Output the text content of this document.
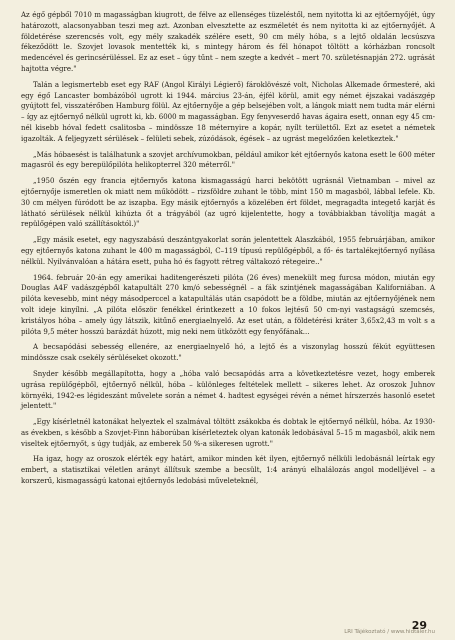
Az égő gépből 7010 m magasságban kiugrott, de félve az ellenséges tüzeléstől, nem nyitotta ki az ejtőernyőjét, úgy határozott, alacsonyabban teszi meg azt. Azonban elvesztette az eszméletét és nem nyitotta ki az ejtőernyőjét. A földetérése szerencsés volt, egy mély szakadék szélére esett, 90 cm mély hóba, s a lejtő oldalán lecsúszva fékeződött le. Szovjet lovasok mentették ki, s mintegy három és fél hónapot töltött a kórházban roncsolt medencével és gerincsérüléssel. Ez az eset – úgy tűnt – nem szegte a kedvét – mert 70. születésnapján 272. ugrását hajtotta végre."

Talán a legismertebb eset egy RAF (Angol Királyi Légierő) fároklövészé volt, Nicholas Alkemade őrmesteré, aki egy égő Lancaster bombázóból ugrott ki 1944. március 23-án, éjfél körül, amit egy német éjszakai vadászgép gyújtott fel, visszatérőben Hamburg fölül. Az ejtőernyője a gép belsejében volt, a lángok miatt nem tudta már elérni – így az ejtőernyő nélkül ugrott ki, kb. 6000 m magasságban. Egy fenyveserdő havas ágaira esett, onnan egy 45 cm-nél kisebb hóval fedett csalitosba – mindössze 18 méternyire a kopár, nyílt területtől. Ezt az esetet a németek igazolták. A feljegyzett sérülések – felületi sebek, zúzódások, égések – az ugrást megelőzően keletkeztek."

„Más hóbaesést is találhatunk a szovjet archívumokban, például amikor két ejtőernyős katona esett le 600 méter magasról és egy berepülőpilóta helikopterrel 320 méterről."

„1950 őszén egy francia ejtőernyős katona kismagasságú harci bekötött ugrásnál Vietnamban – mivel az ejtőernyője ismeretlen ok miatt nem működött – rizsföldre zuhant le több, mint 150 m magasból, lábbal lefele. Kb. 30 cm mélyen fúródott be az iszapba. Egy másik ejtőernyős a közelében ért földet, megragadta integető karját és látható sérülések nélkül kihúzta őt a trágyából (az ugró kijelentette, hogy a továbbiakban távolítja magát a repülőgépen való szállításoktól.)"

„Egy másik esetet, egy nagyszabású deszántgyakorlat során jelentettek Alaszkából, 1955 februárjában, amikor egy ejtőernyős katona zuhant le 400 m magasságból, C–119 típusú repülőgépből, a fő- és tartalékejtőernyő nyílása nélkül. Nyilvánvalóan a hátára esett, puha hó és fagyott rétreg váltakozó rétegeire.."

1964. február 20-án egy amerikai haditengerészeti pilóta (26 éves) menekült meg furcsa módon, miután egy Douglas A4F vadászgépből katapultált 270 km/ó sebességnél – a fák szintjének magasságában Kaliforniában. A pilóta kevesebb, mint négy másodperccel a katapultálás után csapódott be a földbe, miután az ejtőernyőjének nem volt ideje kinyílni. „A pilóta először fenékkel érintkezett a 10 fokos lejtésű 50 cm-nyi vastagságú szemcsés, kristályos hóba – amely úgy látszik, kitűnő energiaelnyelő. Az eset után, a földetérési kráter 3,65x2,43 m volt s a pilóta 9,5 méter hosszú barázdát húzott, mig neki nem ütközött egy fenyőfának...

A becsapódási sebesség ellenére, az energiaelnyelő hó, a lejtő és a viszonylag hosszú fékút együttesen mindössze csak csekély sérüléseket okozott."

Snyder később megállapította, hogy a „hóba való becsapódás arra a következtetésre vezet, hogy emberek ugrása repülőgépből, ejtőernyő nélkül, hóba – különleges feltételek mellett – sikeres lehet. Az oroszok Juhnov környéki, 1942-es légideszánt művelete során a német 4. hadtest egységei révén a német hírszerzés hasonló esetet jelentett."

„Egy kísérletnél katonákat helyeztek el szalmával töltött zsákokba és dobtak le ejtőernyő nélkül, hóba. Az 1930-as években, s később a Szovjet-Finn háborúban kísérleteztek olyan katonák ledobásával 5–15 m magasból, akik nem viseltek ejtőernyőt, s úgy tudják, az emberek 50 %-a sikeresen ugrott."

Ha igaz, hogy az oroszok elérték egy határt, amikor minden két ilyen, ejtőernyő nélküli ledobásnál leírtak egy embert, a statisztikai véletlen arányt állítsuk szembe a becsült, 1:4 arányú elhalálozás angol modelljével – a korszerű, kismagasságú katonai ejtőernyős ledobási műveleteknél,

29
LRI Tájékoztató / www.hidtáler.hu
